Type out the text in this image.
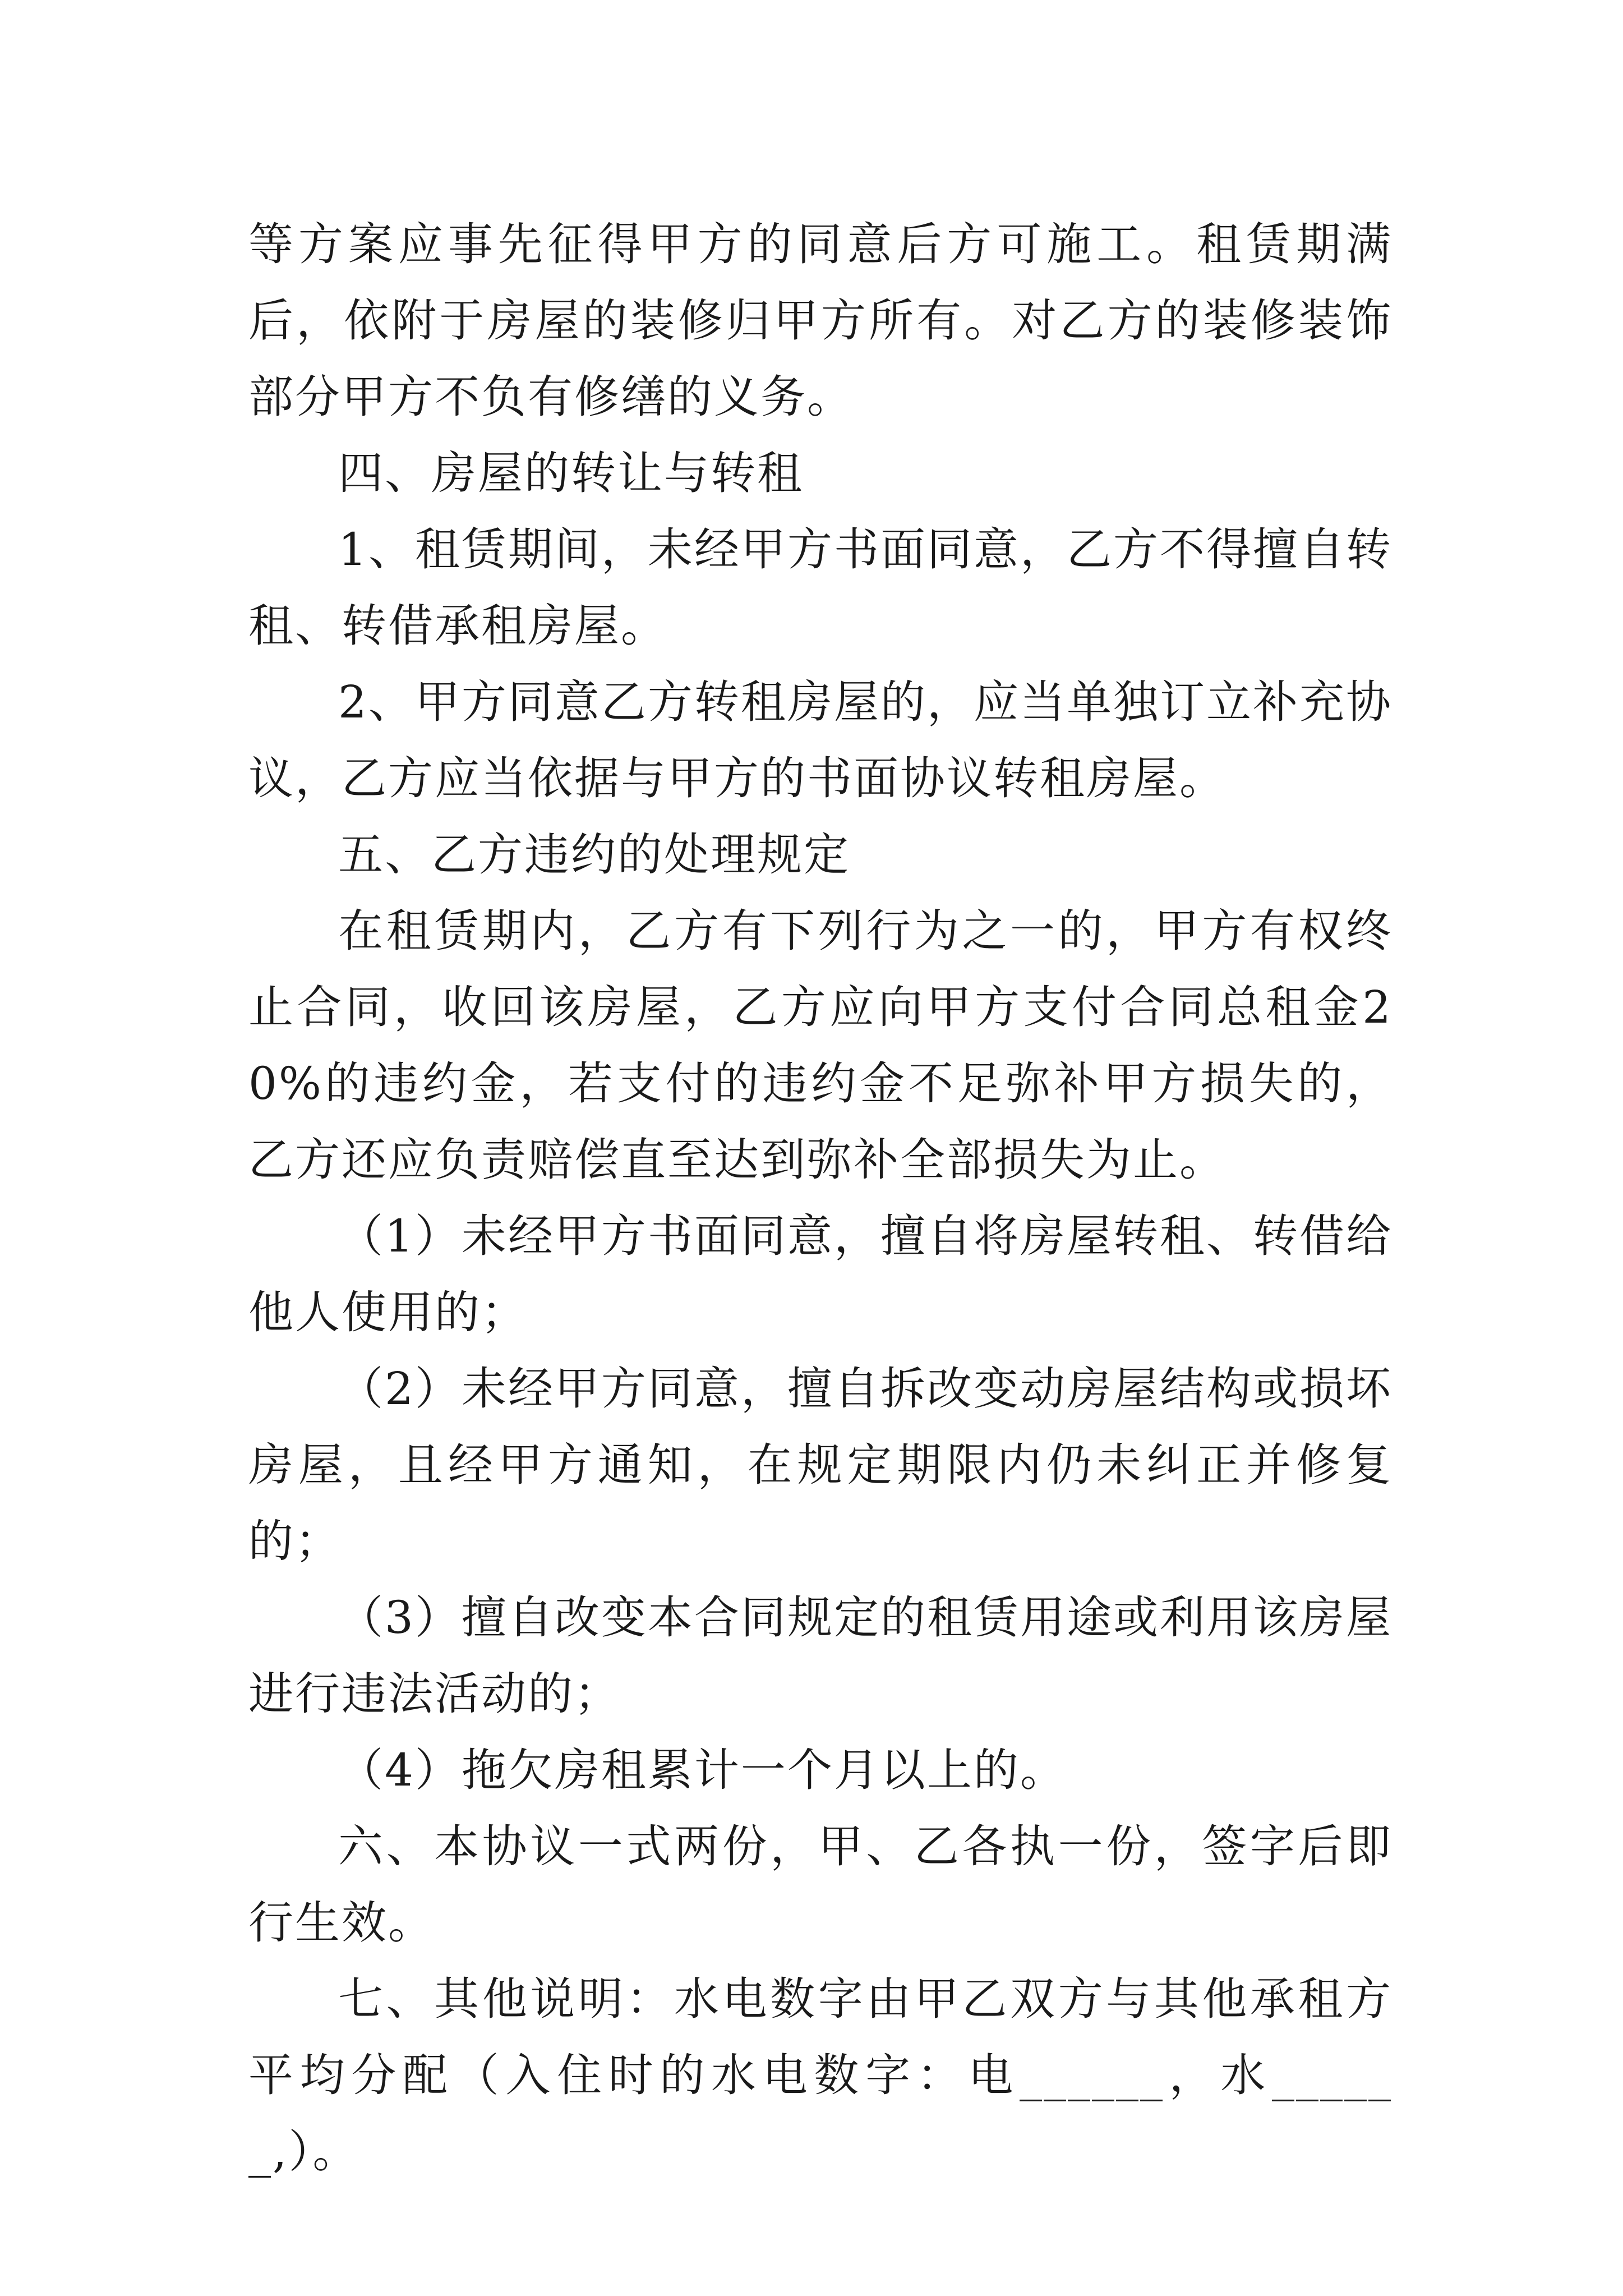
等方案应事先征得甲方的同意后方可施工。租赁期满后，依附于房屋的装修归甲方所有。对乙方的装修装饰部分甲方不负有修缮的义务。

四、房屋的转让与转租

1、租赁期间，未经甲方书面同意，乙方不得擅自转租、转借承租房屋。

2、甲方同意乙方转租房屋的，应当单独订立补充协议，乙方应当依据与甲方的书面协议转租房屋。

五、乙方违约的处理规定

在租赁期内，乙方有下列行为之一的，甲方有权终止合同，收回该房屋，乙方应向甲方支付合同总租金20%的违约金，若支付的违约金不足弥补甲方损失的，乙方还应负责赔偿直至达到弥补全部损失为止。

（1）未经甲方书面同意，擅自将房屋转租、转借给他人使用的；

（2）未经甲方同意，擅自拆改变动房屋结构或损坏房屋，且经甲方通知，在规定期限内仍未纠正并修复的；

（3）擅自改变本合同规定的租赁用途或利用该房屋进行违法活动的；

（4）拖欠房租累计一个月以上的。

六、本协议一式两份，甲、乙各执一份，签字后即行生效。

七、其他说明：水电数字由甲乙双方与其他承租方平均分配（入住时的水电数字：电______，水______,）。
